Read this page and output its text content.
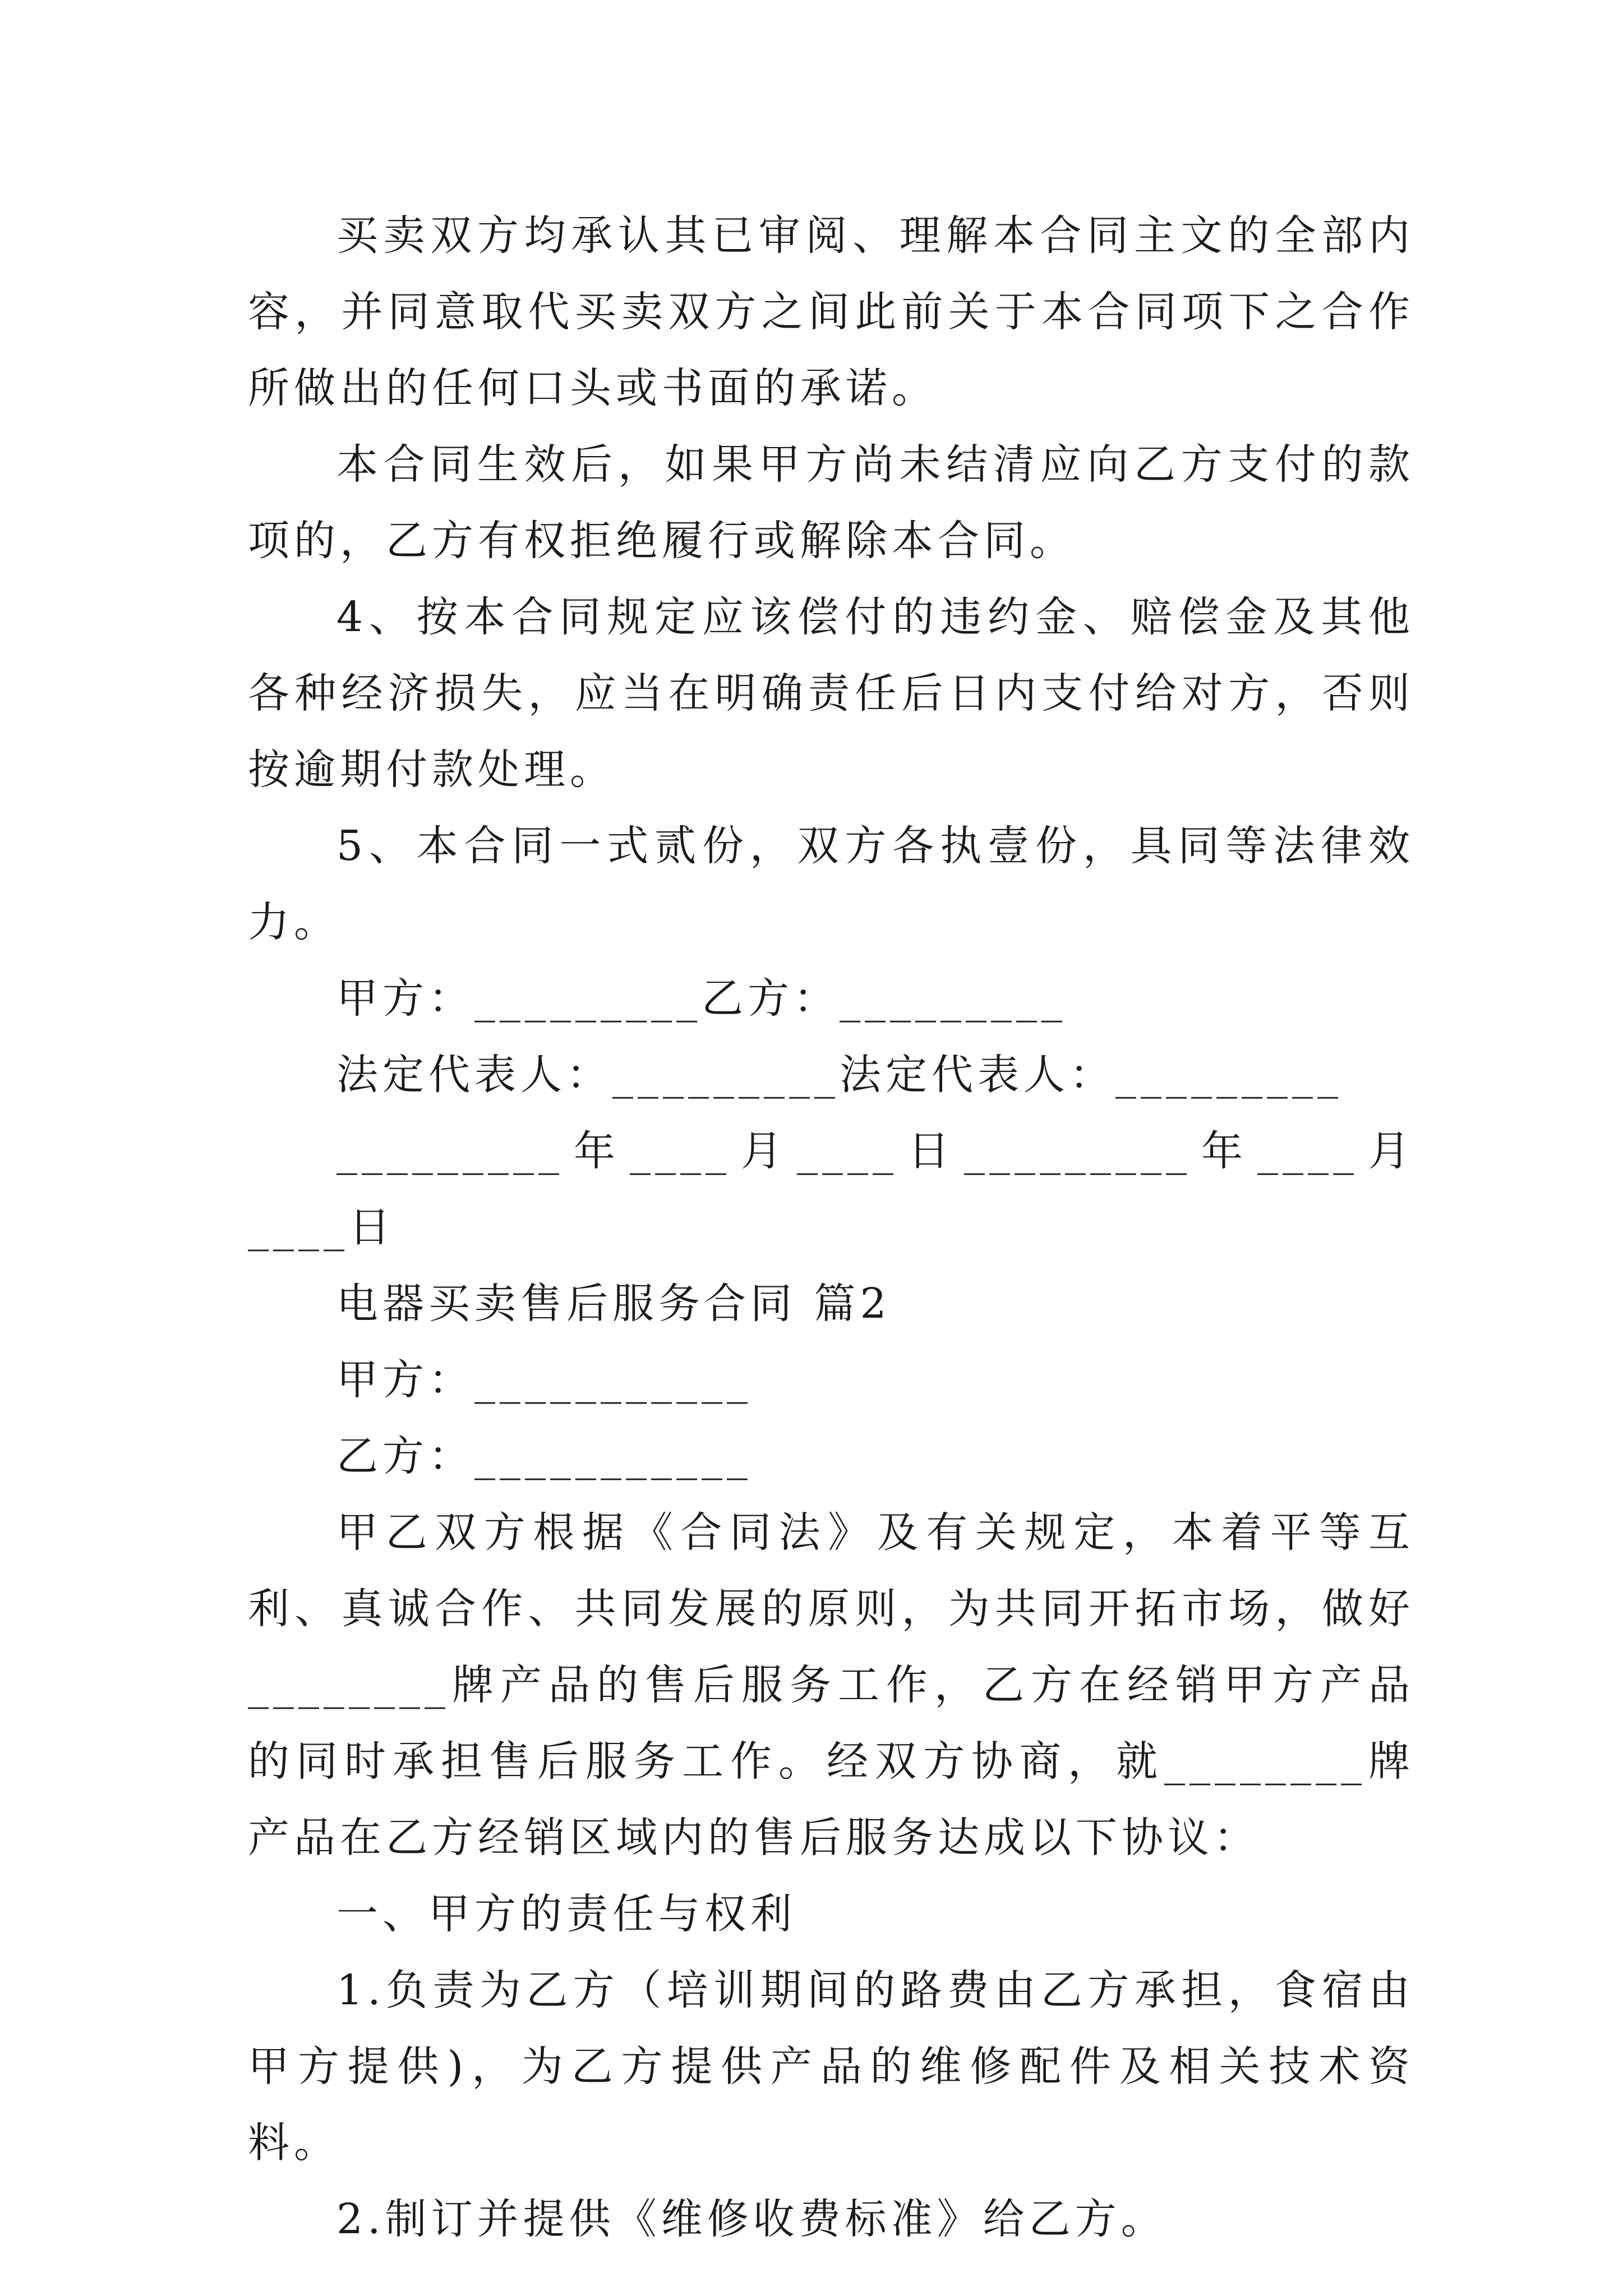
买卖双方均承认其已审阅、理解本合同主文的全部内容，并同意取代买卖双方之间此前关于本合同项下之合作所做出的任何口头或书面的承诺。

本合同生效后，如果甲方尚未结清应向乙方支付的款项的，乙方有权拒绝履行或解除本合同。

4、按本合同规定应该偿付的违约金、赔偿金及其他各种经济损失，应当在明确责任后日内支付给对方，否则按逾期付款处理。

5、本合同一式贰份，双方各执壹份，具同等法律效力。

甲方：_________乙方：_________

法定代表人：_________法定代表人：_________

_________年____月____日_________年____月____日

电器买卖售后服务合同 篇2

甲方：___________

乙方：___________

甲乙双方根据《合同法》及有关规定，本着平等互利、真诚合作、共同发展的原则，为共同开拓市场，做好________牌产品的售后服务工作，乙方在经销甲方产品的同时承担售后服务工作。经双方协商，就________牌产品在乙方经销区域内的售后服务达成以下协议：

一、甲方的责任与权利

1.负责为乙方（培训期间的路费由乙方承担，食宿由甲方提供)，为乙方提供产品的维修配件及相关技术资料。

2.制订并提供《维修收费标准》给乙方。
